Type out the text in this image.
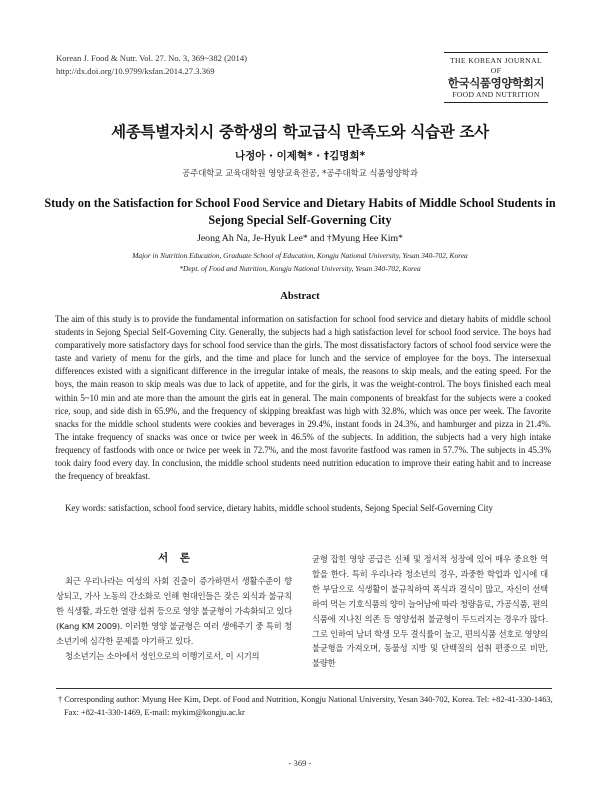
Korean J. Food & Nutr. Vol. 27. No. 3, 369~382 (2014)
http://dx.doi.org/10.9799/ksfan.2014.27.3.369
THE KOREAN JOURNAL OF
한국식품영양학회지
FOOD AND NUTRITION
세종특별자치시 중학생의 학교급식 만족도와 식습관 조사
나정아 · 이제혁* · †김명희*
공주대학교 교육대학원 영양교육전공, *공주대학교 식품영양학과
Study on the Satisfaction for School Food Service and Dietary Habits of Middle School Students in Sejong Special Self-Governing City
Jeong Ah Na, Je-Hyuk Lee* and †Myung Hee Kim*
Major in Nutrition Education, Graduate School of Education, Kongju National University, Yesan 340-702, Korea
*Dept. of Food and Nutrition, Kongju National University, Yesan 340-702, Korea
Abstract

The aim of this study is to provide the fundamental information on satisfaction for school food service and dietary habits of middle school students in Sejong Special Self-Governing City. Generally, the subjects had a high satisfaction level for school food service. The boys had comparatively more satisfactory days for school food service than the girls. The most dissatisfactory factors of school food service were the taste and variety of menu for the girls, and the time and place for lunch and the service of employee for the boys. The intersexual differences existed with a significant difference in the irregular intake of meals, the reasons to skip meals, and the eating speed. For the boys, the main reason to skip meals was due to lack of appetite, and for the girls, it was the weight-control. The boys finished each meal within 5~10 min and ate more than the amount the girls eat in general. The main components of breakfast for the subjects were a cooked rice, soup, and side dish in 65.9%, and the frequency of skipping breakfast was high with 32.8%, which was once per week. The favorite snacks for the middle school students were cookies and beverages in 29.4%, instant foods in 24.3%, and hamburger and pizza in 21.4%. The intake frequency of snacks was once or twice per week in 46.5% of the subjects. In addition, the subjects had a very high intake frequency of fastfoods with once or twice per week in 72.7%, and the most favorite fastfood was ramen in 57.7%. The subjects in 45.3% took dairy food every day. In conclusion, the middle school students need nutrition education to improve their eating habit and to increase the frequency of breakfast.

Key words: satisfaction, school food service, dietary habits, middle school students, Sejong Special Self-Governing City
서 론

최근 우리나라는 여성의 사회 진출이 증가하면서 생활수준이 향상되고, 가사 노동의 간소화로 인해 현대인들은 잦은 외식과 불규칙한 식생활, 과도한 열량 섭취 등으로 영양 불균형이 가속화되고 있다(Kang KM 2009). 이러한 영양 불균형은 여러 생애주기 중 특히 청소년기에 심각한 문제를 야기하고 있다.

청소년기는 소아에서 성인으로의 이행기로서, 이 시기의

균형 잡힌 영양 공급은 신체 및 정서적 성장에 있어 매우 중요한 역할을 한다. 특히 우리나라 청소년의 경우, 과중한 학업과 입시에 대한 부담으로 식생활이 불규칙하여 폭식과 결식이 많고, 자신이 선택하여 먹는 기호식품의 양이 늘어남에 따라 청량음료, 가공식품, 편의식품에 지나친 의존 등 영양섭취 불균형이 두드러지는 경우가 많다. 그로 인하여 남녀 학생 모두 결식률이 높고, 편의식품 선호로 영양의 불균형을 가져오며, 동물성 지방 및 단백질의 섭취 편중으로 비만, 불량한

† Corresponding author: Myung Hee Kim, Dept. of Food and Nutrition, Kongju National University, Yesan 340-702, Korea. Tel: +82-41-330-1463, Fax: +82-41-330-1469, E-mail: mykim@kongju.ac.kr
- 369 -
